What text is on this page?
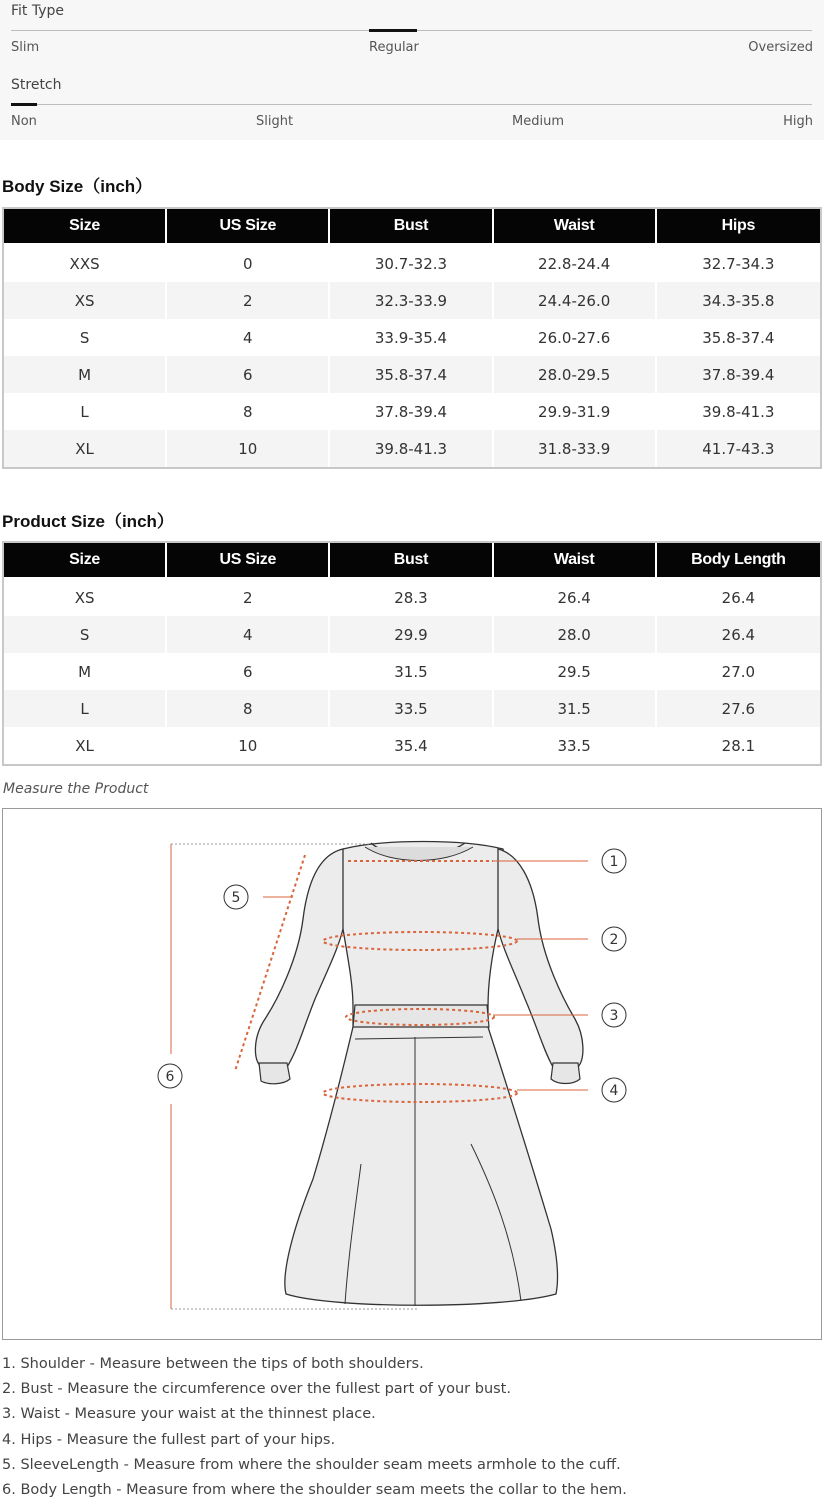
Fit Type
Slim	Regular	Oversized
Stretch
Non	Slight	Medium	High
Body Size（inch）
Size	US Size	Bust	Waist	Hips
XXS	0	30.7-32.3	22.8-24.4	32.7-34.3
XS	2	32.3-33.9	24.4-26.0	34.3-35.8
S	4	33.9-35.4	26.0-27.6	35.8-37.4
M	6	35.8-37.4	28.0-29.5	37.8-39.4
L	8	37.8-39.4	29.9-31.9	39.8-41.3
XL	10	39.8-41.3	31.8-33.9	41.7-43.3
Product Size（inch）
Size	US Size	Bust	Waist	Body Length
XS	2	28.3	26.4	26.4
S	4	29.9	28.0	26.4
M	6	31.5	29.5	27.0
L	8	33.5	31.5	27.6
XL	10	35.4	33.5	28.1
Measure the Product
1
2
3
4
5
6
1. Shoulder - Measure between the tips of both shoulders.
2. Bust - Measure the circumference over the fullest part of your bust.
3. Waist - Measure your waist at the thinnest place.
4. Hips - Measure the fullest part of your hips.
5. SleeveLength - Measure from where the shoulder seam meets armhole to the cuff.
6. Body Length - Measure from where the shoulder seam meets the collar to the hem.
